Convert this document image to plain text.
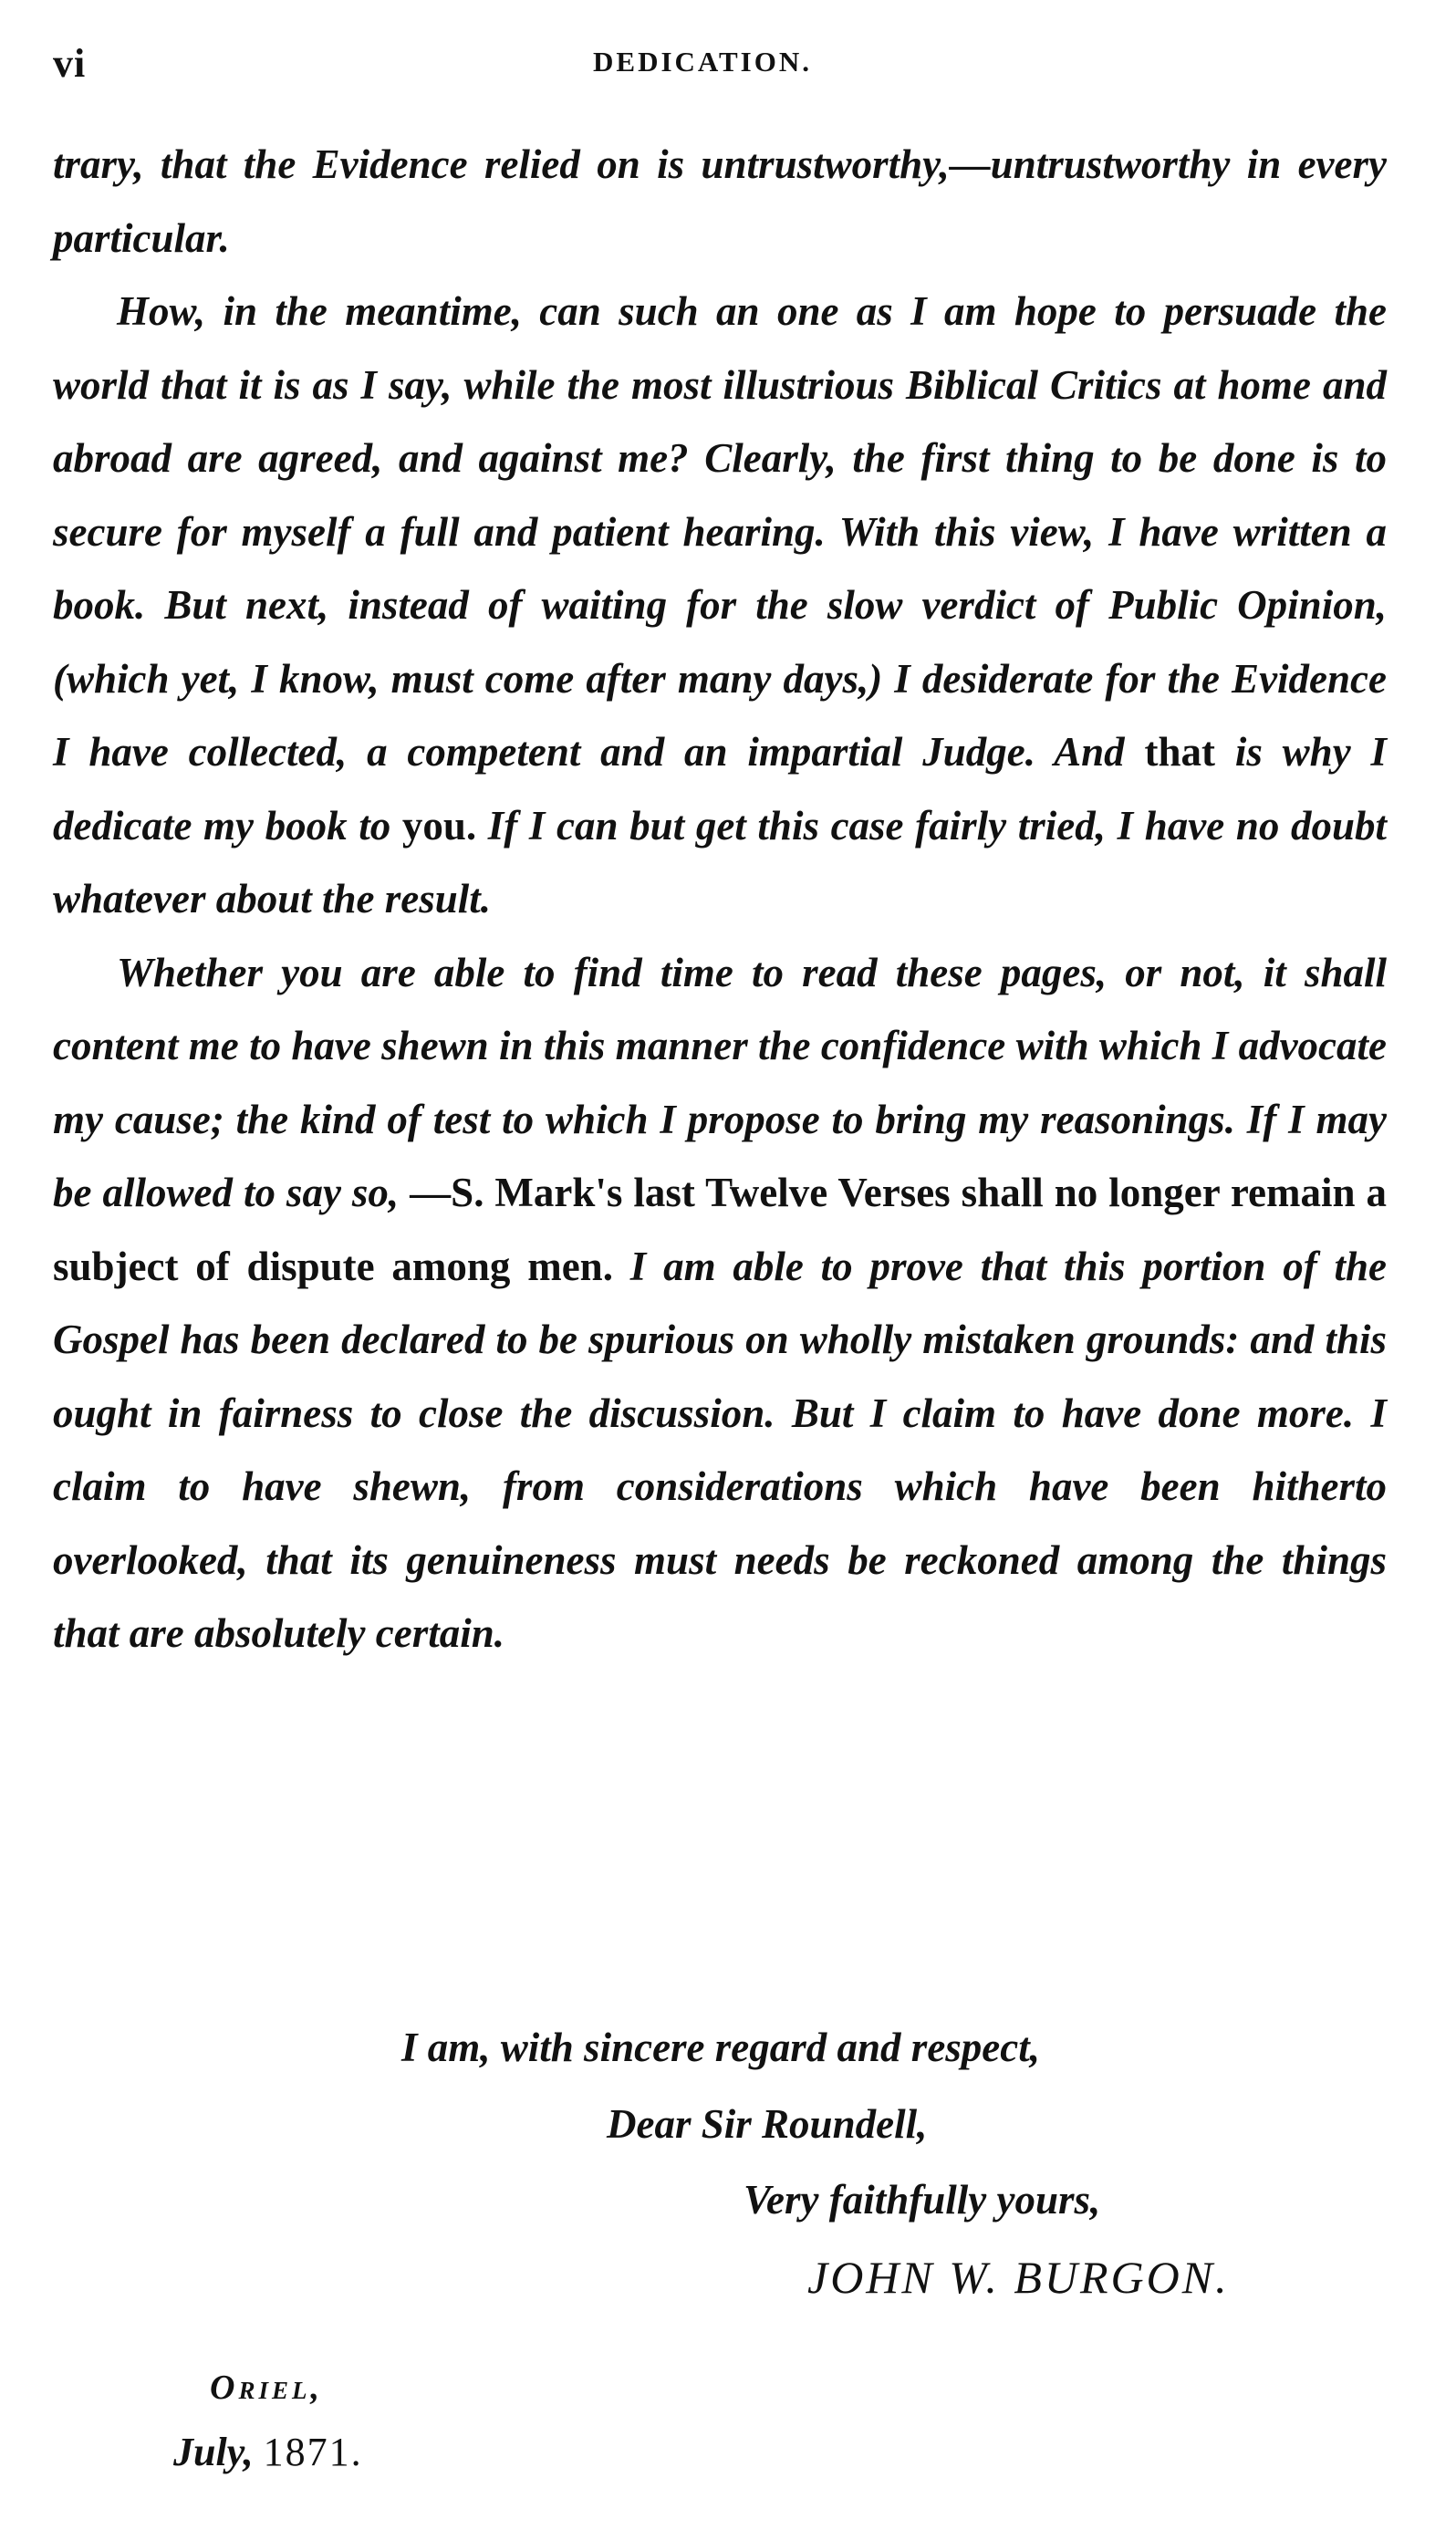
vi	DEDICATION.

trary, that the Evidence relied on is untrustworthy,—untrustworthy in every particular.

How, in the meantime, can such an one as I am hope to persuade the world that it is as I say, while the most illustrious Biblical Critics at home and abroad are agreed, and against me? Clearly, the first thing to be done is to secure for myself a full and patient hearing. With this view, I have written a book. But next, instead of waiting for the slow verdict of Public Opinion, (which yet, I know, must come after many days,) I desiderate for the Evidence I have collected, a competent and an impartial Judge. And that is why I dedicate my book to you. If I can but get this case fairly tried, I have no doubt whatever about the result.

Whether you are able to find time to read these pages, or not, it shall content me to have shewn in this manner the confidence with which I advocate my cause; the kind of test to which I propose to bring my reasonings. If I may be allowed to say so, —S. Mark's last Twelve Verses shall no longer remain a subject of dispute among men. I am able to prove that this portion of the Gospel has been declared to be spurious on wholly mistaken grounds: and this ought in fairness to close the discussion. But I claim to have done more. I claim to have shewn, from considerations which have been hitherto overlooked, that its genuineness must needs be reckoned among the things that are absolutely certain.

I am, with sincere regard and respect,
Dear Sir Roundell,
Very faithfully yours,
JOHN W. BURGON.
Oriel,
July, 1871.
